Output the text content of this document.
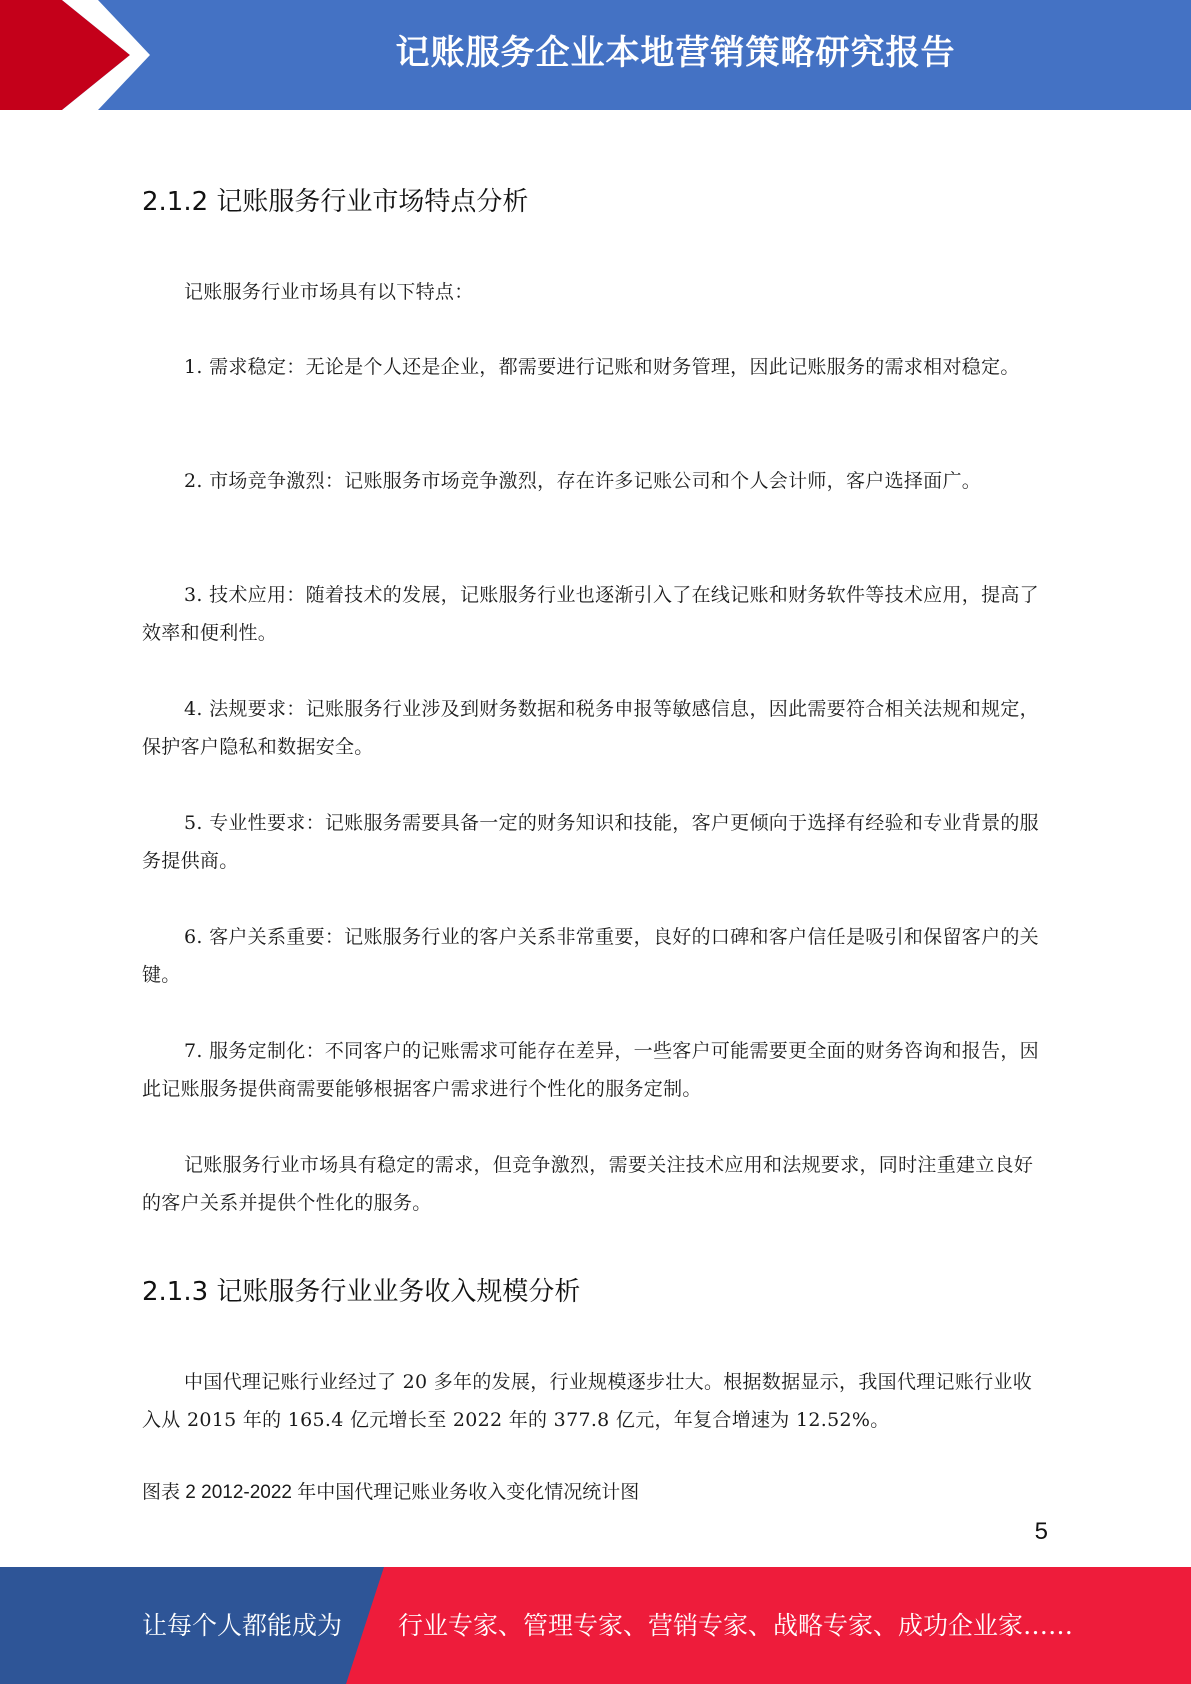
记账服务企业本地营销策略研究报告
2.1.2 记账服务行业市场特点分析

记账服务行业市场具有以下特点：

1. 需求稳定：无论是个人还是企业，都需要进行记账和财务管理，因此记账服务的需求相对稳定。

2. 市场竞争激烈：记账服务市场竞争激烈，存在许多记账公司和个人会计师，客户选择面广。

3. 技术应用：随着技术的发展，记账服务行业也逐渐引入了在线记账和财务软件等技术应用，提高了效率和便利性。

4. 法规要求：记账服务行业涉及到财务数据和税务申报等敏感信息，因此需要符合相关法规和规定，保护客户隐私和数据安全。

5. 专业性要求：记账服务需要具备一定的财务知识和技能，客户更倾向于选择有经验和专业背景的服务提供商。

6. 客户关系重要：记账服务行业的客户关系非常重要，良好的口碑和客户信任是吸引和保留客户的关键。

7. 服务定制化：不同客户的记账需求可能存在差异，一些客户可能需要更全面的财务咨询和报告，因此记账服务提供商需要能够根据客户需求进行个性化的服务定制。

记账服务行业市场具有稳定的需求，但竞争激烈，需要关注技术应用和法规要求，同时注重建立良好的客户关系并提供个性化的服务。

2.1.3 记账服务行业业务收入规模分析

中国代理记账行业经过了 20 多年的发展，行业规模逐步壮大。根据数据显示，我国代理记账行业收入从 2015 年的 165.4 亿元增长至 2022 年的 377.8 亿元，年复合增速为 12.52%。

图表 2 2012-2022 年中国代理记账业务收入变化情况统计图

5
让每个人都能成为 行业专家、管理专家、营销专家、战略专家、成功企业家……
